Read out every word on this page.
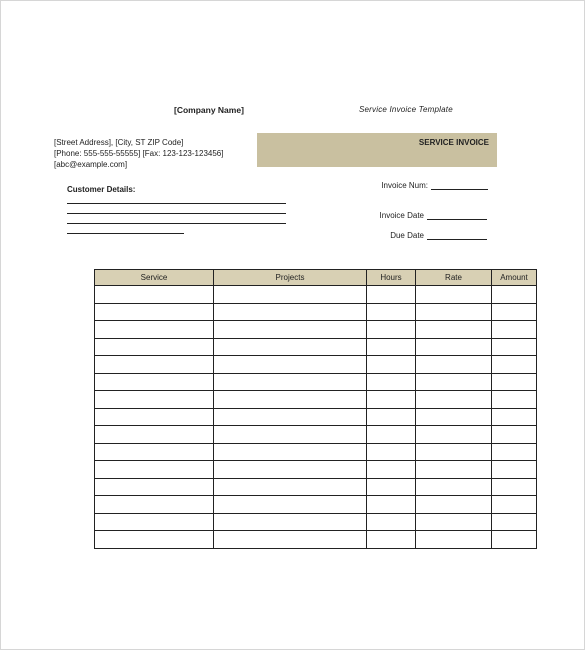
[Company Name]	Service Invoice Template
[Street Address], [City, ST ZIP Code]
[Phone: 555-555-55555] [Fax: 123-123-123456]
[abc@example.com]
SERVICE INVOICE
Customer Details:	Invoice Num:
Invoice Date
Due Date
Service	Projects	Hours	Rate	Amount
